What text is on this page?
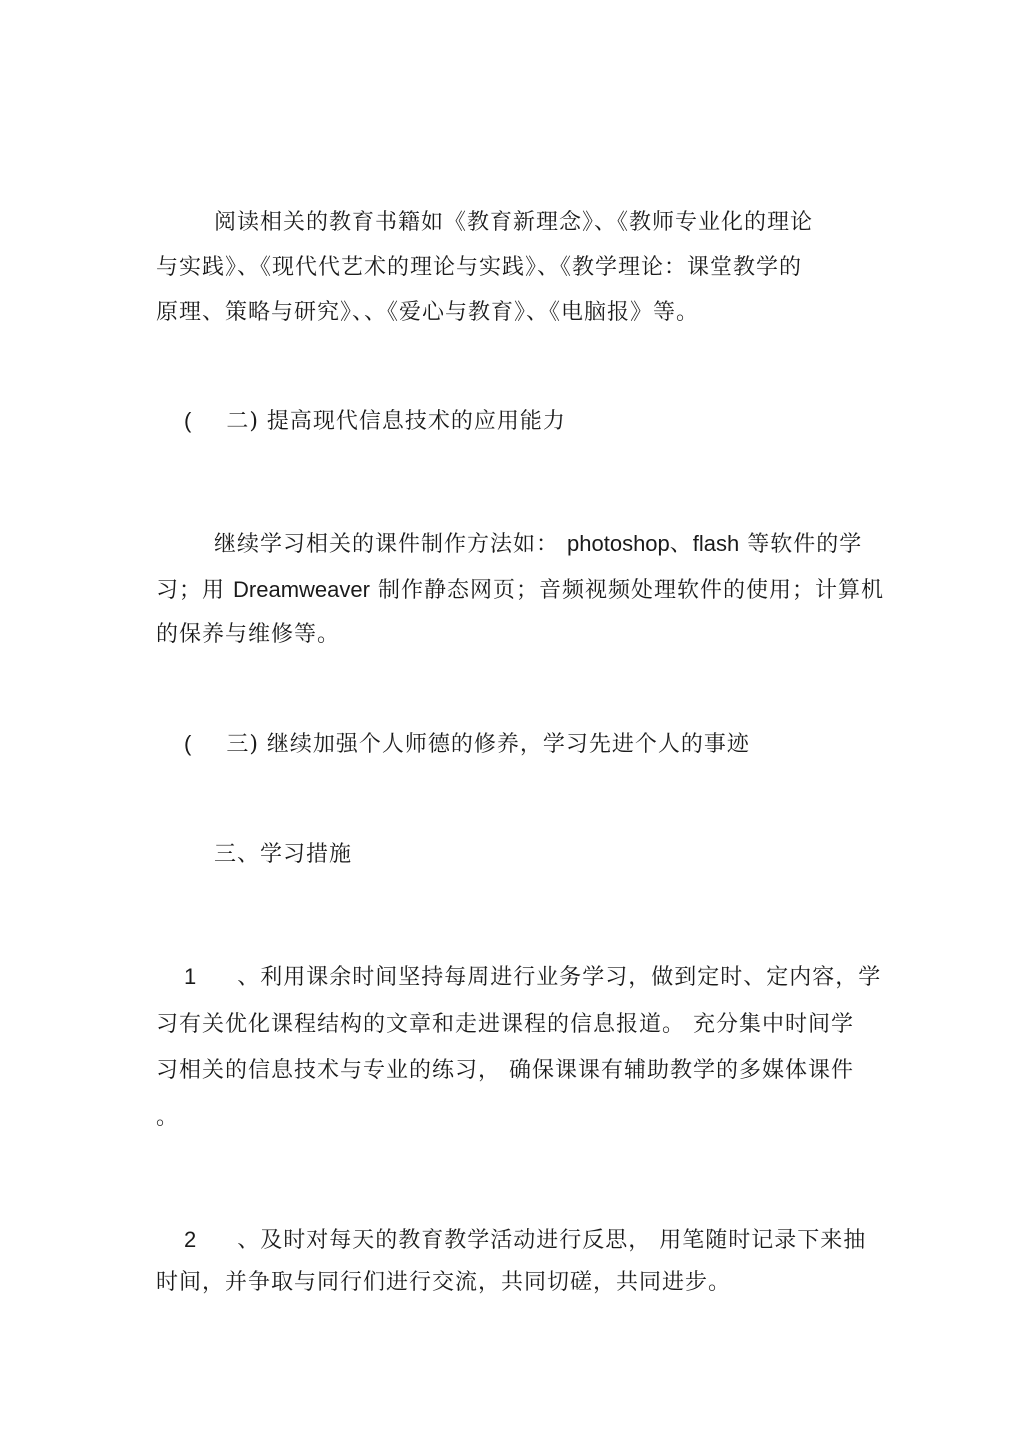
阅读相关的教育书籍如《教育新理念》、《教师专业化的理论
与实践》、《现代代艺术的理论与实践》、《教学理论：课堂教学的
原理、策略与研究》、、《爱心与教育》、《电脑报》等。
( 二) 提高现代信息技术的应用能力
继续学习相关的课件制作方法如： photoshop、flash 等软件的学
习；用 Dreamweaver 制作静态网页；音频视频处理软件的使用；计算机
的保养与维修等。
( 三) 继续加强个人师德的修养，学习先进个人的事迹
三、学习措施
1 、利用课余时间坚持每周进行业务学习，做到定时、定内容，学
习有关优化课程结构的文章和走进课程的信息报道。 充分集中时间学
习相关的信息技术与专业的练习， 确保课课有辅助教学的多媒体课件
。
2 、及时对每天的教育教学活动进行反思， 用笔随时记录下来抽
时间，并争取与同行们进行交流，共同切磋，共同进步。
